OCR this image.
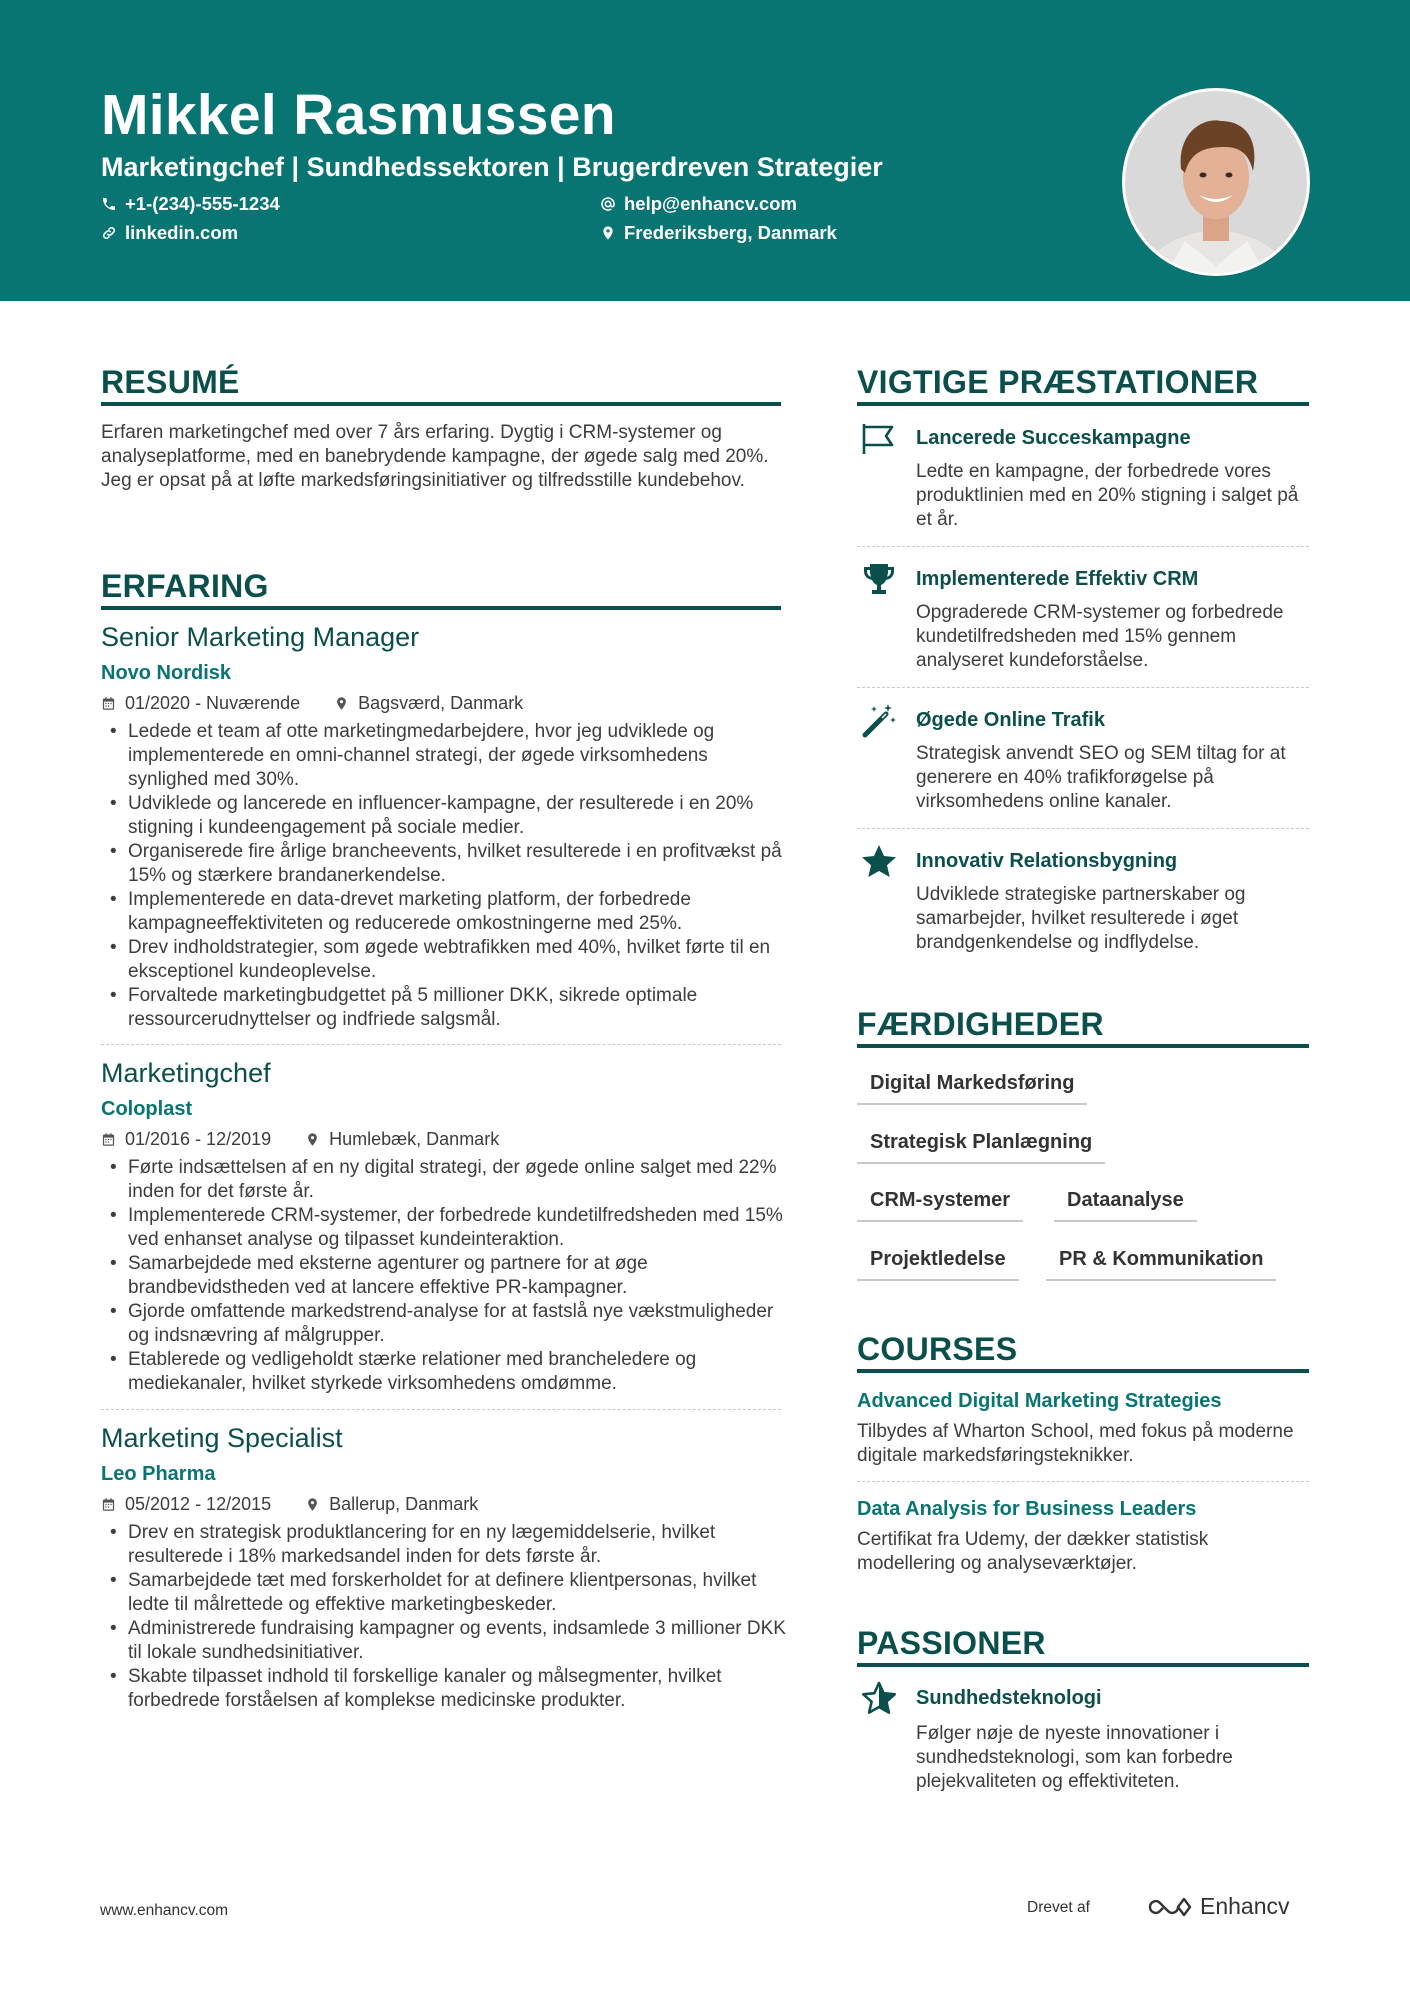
Mikkel Rasmussen
Marketingchef | Sundhedssektoren | Brugerdreven Strategier
+1-(234)-555-1234	help@enhancv.com
linkedin.com	Frederiksberg, Danmark
RESUMÉ
Erfaren marketingchef med over 7 års erfaring. Dygtig i CRM-systemer og analyseplatforme, med en banebrydende kampagne, der øgede salg med 20%. Jeg er opsat på at løfte markedsføringsinitiativer og tilfredsstille kundebehov.
ERFARING
Senior Marketing Manager
Novo Nordisk
01/2020 - Nuværende	Bagsværd, Danmark
• Ledede et team af otte marketingmedarbejdere, hvor jeg udviklede og implementerede en omni-channel strategi, der øgede virksomhedens synlighed med 30%.
• Udviklede og lancerede en influencer-kampagne, der resulterede i en 20% stigning i kundeengagement på sociale medier.
• Organiserede fire årlige brancheevents, hvilket resulterede i en profitvækst på 15% og stærkere brandanerkendelse.
• Implementerede en data-drevet marketing platform, der forbedrede kampagneeffektiviteten og reducerede omkostningerne med 25%.
• Drev indholdstrategier, som øgede webtrafikken med 40%, hvilket førte til en eksceptionel kundeoplevelse.
• Forvaltede marketingbudgettet på 5 millioner DKK, sikrede optimale ressourcerudnyttelser og indfriede salgsmål.
Marketingchef
Coloplast
01/2016 - 12/2019	Humlebæk, Danmark
• Førte indsættelsen af en ny digital strategi, der øgede online salget med 22% inden for det første år.
• Implementerede CRM-systemer, der forbedrede kundetilfredsheden med 15% ved enhanset analyse og tilpasset kundeinteraktion.
• Samarbejdede med eksterne agenturer og partnere for at øge brandbevidstheden ved at lancere effektive PR-kampagner.
• Gjorde omfattende markedstrend-analyse for at fastslå nye vækstmuligheder og indsnævring af målgrupper.
• Etablerede og vedligeholdt stærke relationer med brancheledere og mediekanaler, hvilket styrkede virksomhedens omdømme.
Marketing Specialist
Leo Pharma
05/2012 - 12/2015	Ballerup, Danmark
• Drev en strategisk produktlancering for en ny lægemiddelserie, hvilket resulterede i 18% markedsandel inden for dets første år.
• Samarbejdede tæt med forskerholdet for at definere klientpersonas, hvilket ledte til målrettede og effektive marketingbeskeder.
• Administrerede fundraising kampagner og events, indsamlede 3 millioner DKK til lokale sundhedsinitiativer.
• Skabte tilpasset indhold til forskellige kanaler og målsegmenter, hvilket forbedrede forståelsen af komplekse medicinske produkter.
VIGTIGE PRÆSTATIONER
Lancerede Succeskampagne
Ledte en kampagne, der forbedrede vores produktlinien med en 20% stigning i salget på et år.
Implementerede Effektiv CRM
Opgraderede CRM-systemer og forbedrede kundetilfredsheden med 15% gennem analyseret kundeforståelse.
Øgede Online Trafik
Strategisk anvendt SEO og SEM tiltag for at generere en 40% trafikforøgelse på virksomhedens online kanaler.
Innovativ Relationsbygning
Udviklede strategiske partnerskaber og samarbejder, hvilket resulterede i øget brandgenkendelse og indflydelse.
FÆRDIGHEDER
Digital Markedsføring
Strategisk Planlægning
CRM-systemer	Dataanalyse
Projektledelse	PR & Kommunikation
COURSES
Advanced Digital Marketing Strategies
Tilbydes af Wharton School, med fokus på moderne digitale markedsføringsteknikker.
Data Analysis for Business Leaders
Certifikat fra Udemy, der dækker statistisk modellering og analyseværktøjer.
PASSIONER
Sundhedsteknologi
Følger nøje de nyeste innovationer i sundhedsteknologi, som kan forbedre plejekvaliteten og effektiviteten.
www.enhancv.com	Drevet af	Enhancv
